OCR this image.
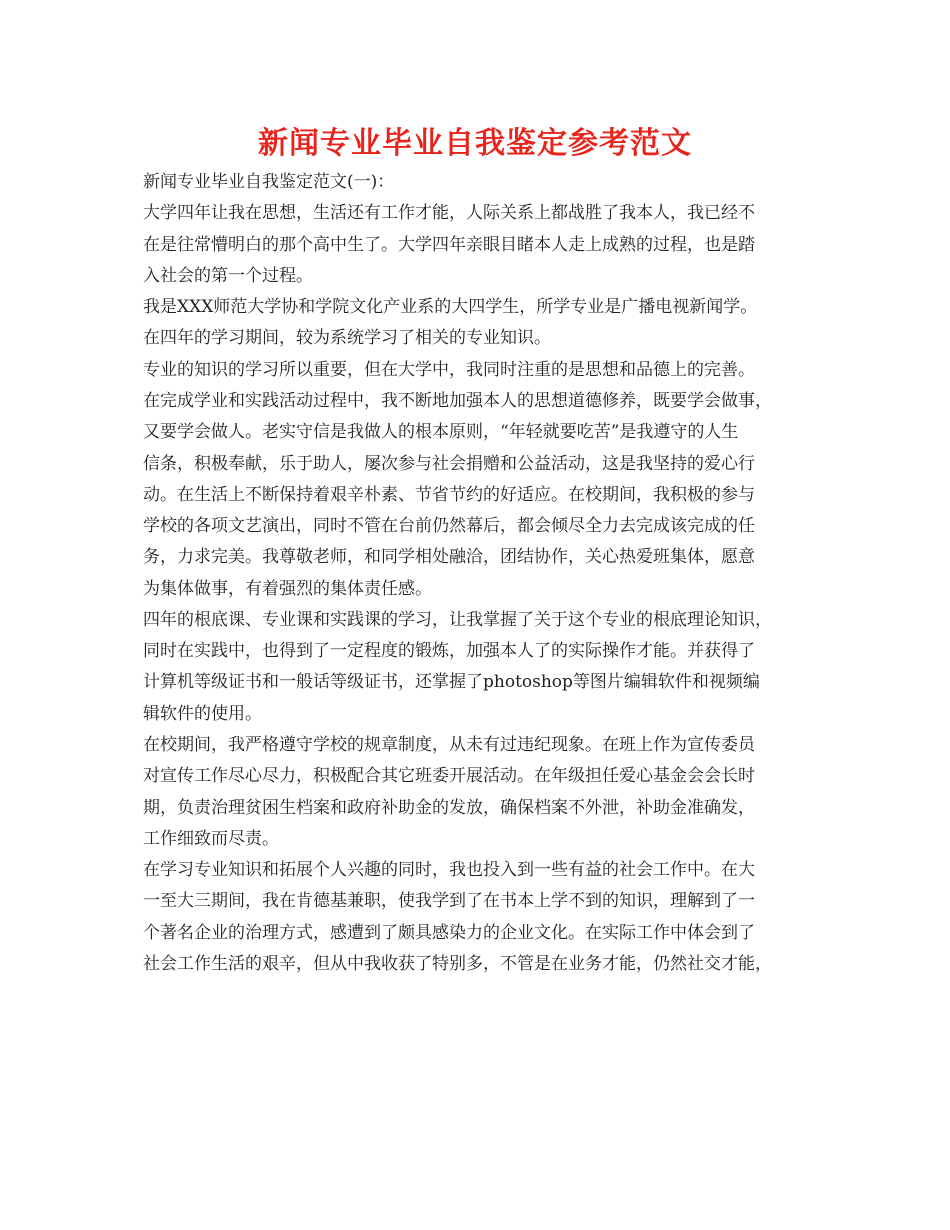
新闻专业毕业自我鉴定参考范文
新闻专业毕业自我鉴定范文(一)：
大学四年让我在思想，生活还有工作才能，人际关系上都战胜了我本人，我已经不
在是往常懵明白的那个高中生了。大学四年亲眼目睹本人走上成熟的过程，也是踏
入社会的第一个过程。
我是XXX师范大学协和学院文化产业系的大四学生，所学专业是广播电视新闻学。
在四年的学习期间，较为系统学习了相关的专业知识。
专业的知识的学习所以重要，但在大学中，我同时注重的是思想和品德上的完善。
在完成学业和实践活动过程中，我不断地加强本人的思想道德修养，既要学会做事，
又要学会做人。老实守信是我做人的根本原则，“年轻就要吃苦”是我遵守的人生
信条，积极奉献，乐于助人，屡次参与社会捐赠和公益活动，这是我坚持的爱心行
动。在生活上不断保持着艰辛朴素、节省节约的好适应。在校期间，我积极的参与
学校的各项文艺演出，同时不管在台前仍然幕后，都会倾尽全力去完成该完成的任
务，力求完美。我尊敬老师，和同学相处融洽，团结协作，关心热爱班集体，愿意
为集体做事，有着强烈的集体责任感。
四年的根底课、专业课和实践课的学习，让我掌握了关于这个专业的根底理论知识，
同时在实践中，也得到了一定程度的锻炼，加强本人了的实际操作才能。并获得了
计算机等级证书和一般话等级证书，还掌握了photoshop等图片编辑软件和视频编
辑软件的使用。
在校期间，我严格遵守学校的规章制度，从未有过违纪现象。在班上作为宣传委员
对宣传工作尽心尽力，积极配合其它班委开展活动。在年级担任爱心基金会会长时
期，负责治理贫困生档案和政府补助金的发放，确保档案不外泄，补助金准确发，
工作细致而尽责。
在学习专业知识和拓展个人兴趣的同时，我也投入到一些有益的社会工作中。在大
一至大三期间，我在肯德基兼职，使我学到了在书本上学不到的知识，理解到了一
个著名企业的治理方式，感遭到了颇具感染力的企业文化。在实际工作中体会到了
社会工作生活的艰辛，但从中我收获了特别多，不管是在业务才能，仍然社交才能，
